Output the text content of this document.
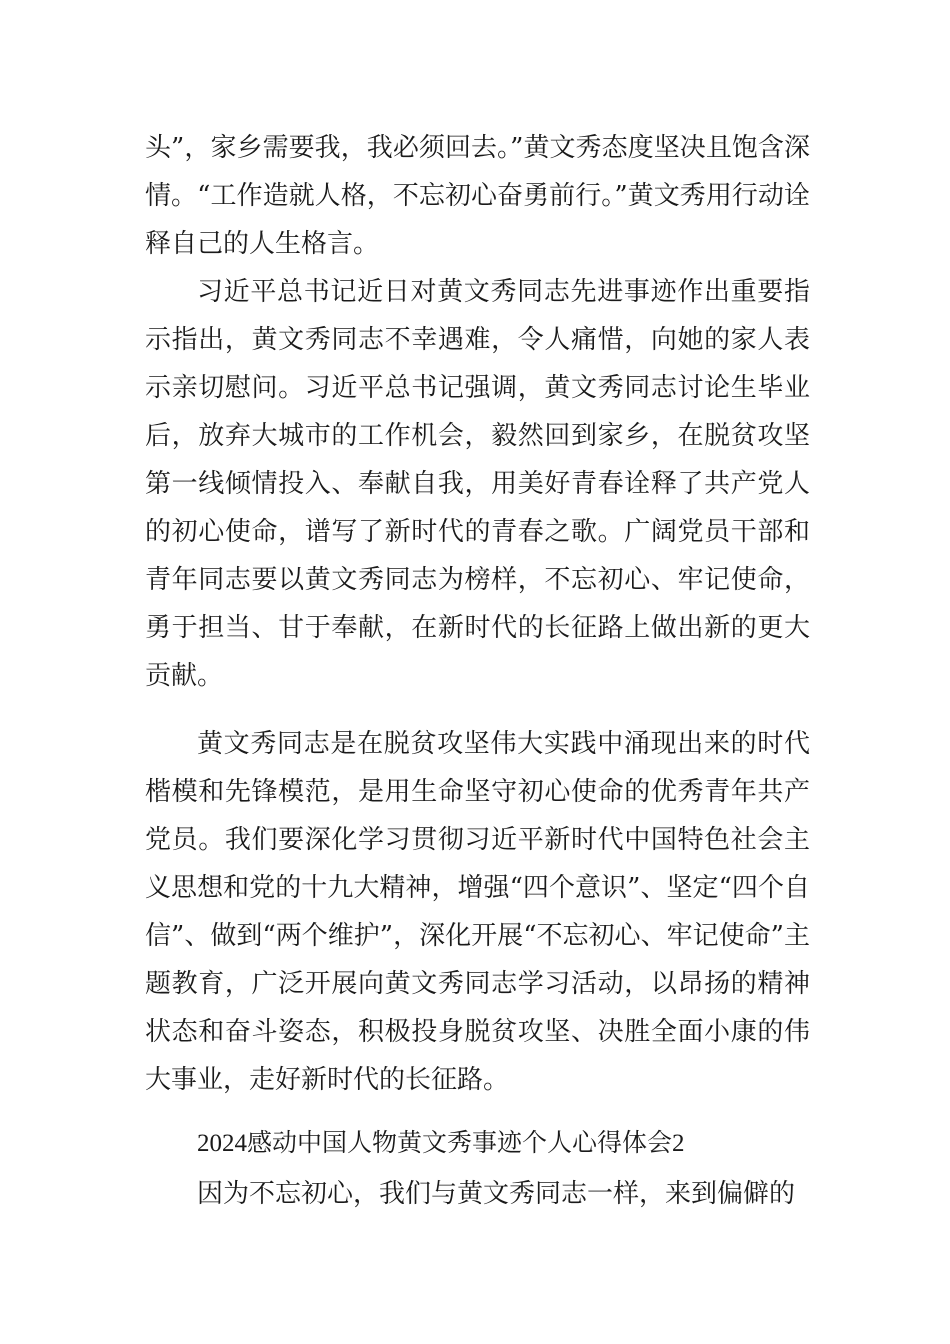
头”，家乡需要我，我必须回去。”黄文秀态度坚决且饱含深情。“工作造就人格，不忘初心奋勇前行。”黄文秀用行动诠释自己的人生格言。

习近平总书记近日对黄文秀同志先进事迹作出重要指示指出，黄文秀同志不幸遇难，令人痛惜，向她的家人表示亲切慰问。习近平总书记强调，黄文秀同志讨论生毕业后，放弃大城市的工作机会，毅然回到家乡，在脱贫攻坚第一线倾情投入、奉献自我，用美好青春诠释了共产党人的初心使命，谱写了新时代的青春之歌。广阔党员干部和青年同志要以黄文秀同志为榜样，不忘初心、牢记使命，勇于担当、甘于奉献，在新时代的长征路上做出新的更大贡献。

黄文秀同志是在脱贫攻坚伟大实践中涌现出来的时代楷模和先锋模范，是用生命坚守初心使命的优秀青年共产党员。我们要深化学习贯彻习近平新时代中国特色社会主义思想和党的十九大精神，增强“四个意识”、坚定“四个自信”、做到“两个维护”，深化开展“不忘初心、牢记使命”主题教育，广泛开展向黄文秀同志学习活动，以昂扬的精神状态和奋斗姿态，积极投身脱贫攻坚、决胜全面小康的伟大事业，走好新时代的长征路。

2024感动中国人物黄文秀事迹个人心得体会2

因为不忘初心，我们与黄文秀同志一样，来到偏僻的
